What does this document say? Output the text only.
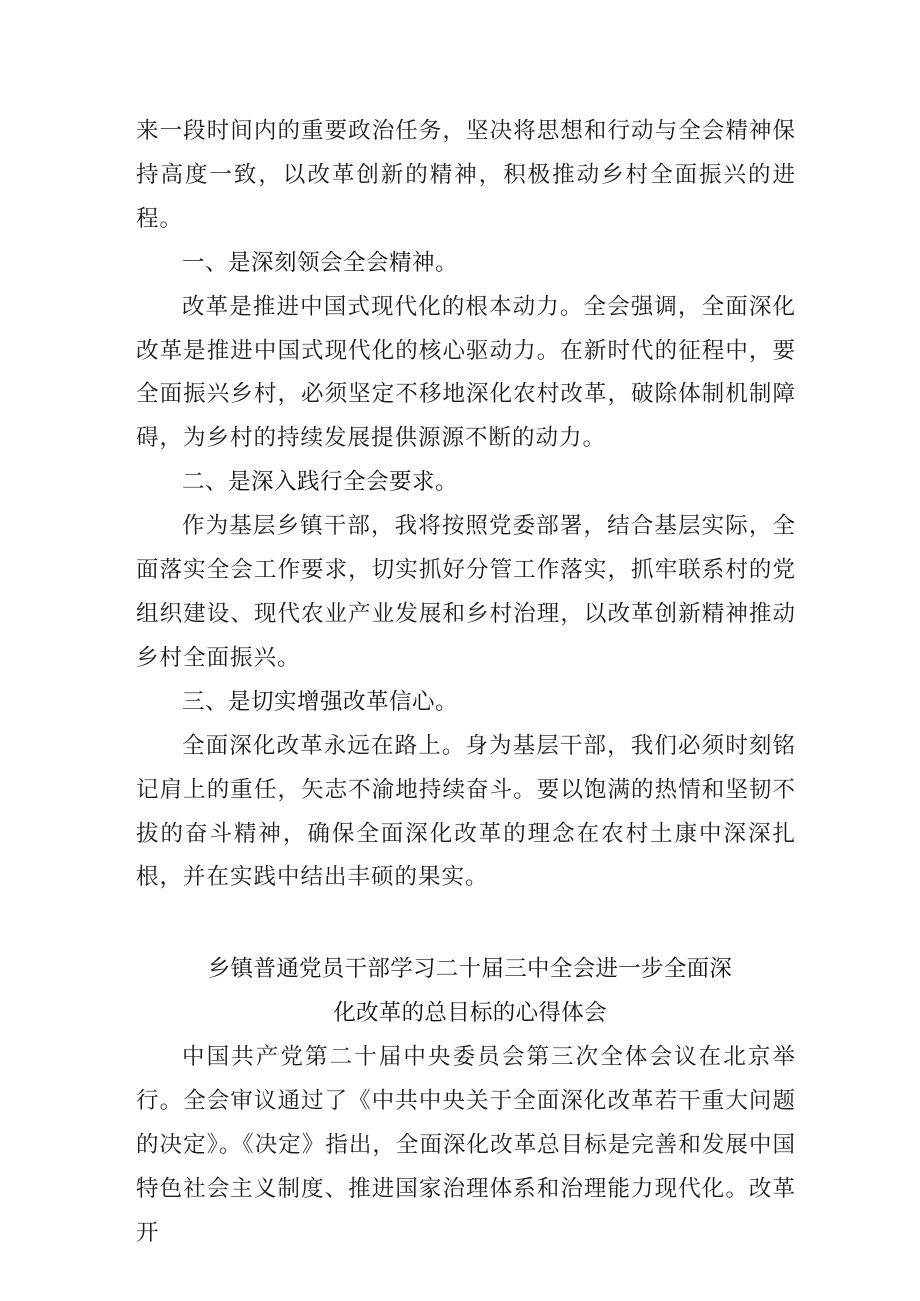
来一段时间内的重要政治任务，坚决将思想和行动与全会精神保持高度一致，以改革创新的精神，积极推动乡村全面振兴的进程。

一、是深刻领会全会精神。

改革是推进中国式现代化的根本动力。全会强调，全面深化改革是推进中国式现代化的核心驱动力。在新时代的征程中，要全面振兴乡村，必须坚定不移地深化农村改革，破除体制机制障碍，为乡村的持续发展提供源源不断的动力。

二、是深入践行全会要求。

作为基层乡镇干部，我将按照党委部署，结合基层实际，全面落实全会工作要求，切实抓好分管工作落实，抓牢联系村的党组织建设、现代农业产业发展和乡村治理，以改革创新精神推动乡村全面振兴。

三、是切实增强改革信心。

全面深化改革永远在路上。身为基层干部，我们必须时刻铭记肩上的重任，矢志不渝地持续奋斗。要以饱满的热情和坚韧不拔的奋斗精神，确保全面深化改革的理念在农村土康中深深扎根，并在实践中结出丰硕的果实。

乡镇普通党员干部学习二十届三中全会进一步全面深

化改革的总目标的心得体会

中国共产党第二十届中央委员会第三次全体会议在北京举行。全会审议通过了《中共中央关于全面深化改革若干重大问题的决定》。《决定》指出，全面深化改革总目标是完善和发展中国特色社会主义制度、推进国家治理体系和治理能力现代化。改革开
